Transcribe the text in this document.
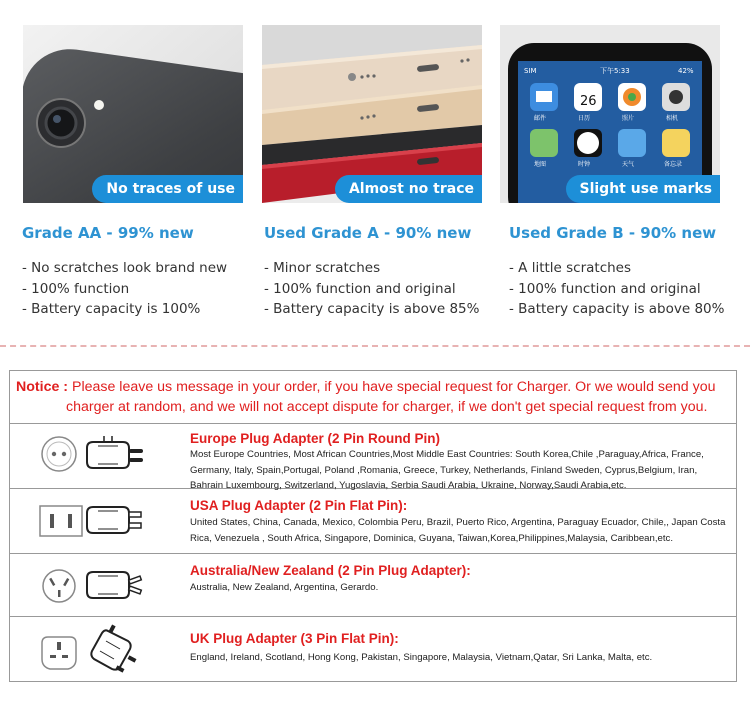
No traces of use
Grade AA - 99% new
- No scratches look brand new
- 100% function
- Battery capacity is 100%
Almost no trace
Used Grade A - 90% new
- Minor scratches
- 100% function and original
- Battery capacity is above 85%
SIM	下午5:33	42%
26
邮件	日历	照片	相机
地图	时钟	天气	备忘录
Slight use marks
Used Grade B - 90% new
- A little scratches
- 100% function and original
- Battery capacity is above 80%
Notice : Please leave us message in your order, if you have special request for Charger. Or we would send you
charger at random, and we will not accept dispute for charger, if we don't get special request from you.
Europe Plug Adapter (2 Pin Round Pin)
Most Europe Countries, Most African Countries,Most Middle East Countries: South Korea,Chile ,Paraguay,Africa, France, Germany, Italy, Spain,Portugal, Poland ,Romania, Greece, Turkey, Netherlands, Finland Sweden, Cyprus,Belgium, Iran, Bahrain Luxembourg, Switzerland, Yugoslavia, Serbia Saudi Arabia, Ukraine, Norway,Saudi Arabia,etc.
USA Plug Adapter (2 Pin Flat Pin):
United States, China, Canada, Mexico, Colombia Peru, Brazil, Puerto Rico, Argentina, Paraguay Ecuador, Chile,, Japan Costa Rica, Venezuela , South Africa, Singapore, Dominica, Guyana, Taiwan,Korea,Philippines,Malaysia, Caribbean,etc.
Australia/New Zealand (2 Pin Plug Adapter):
Australia, New Zealand, Argentina, Gerardo.
UK Plug Adapter (3 Pin Flat Pin):
England, Ireland, Scotland, Hong Kong, Pakistan, Singapore, Malaysia, Vietnam,Qatar, Sri Lanka, Malta, etc.
